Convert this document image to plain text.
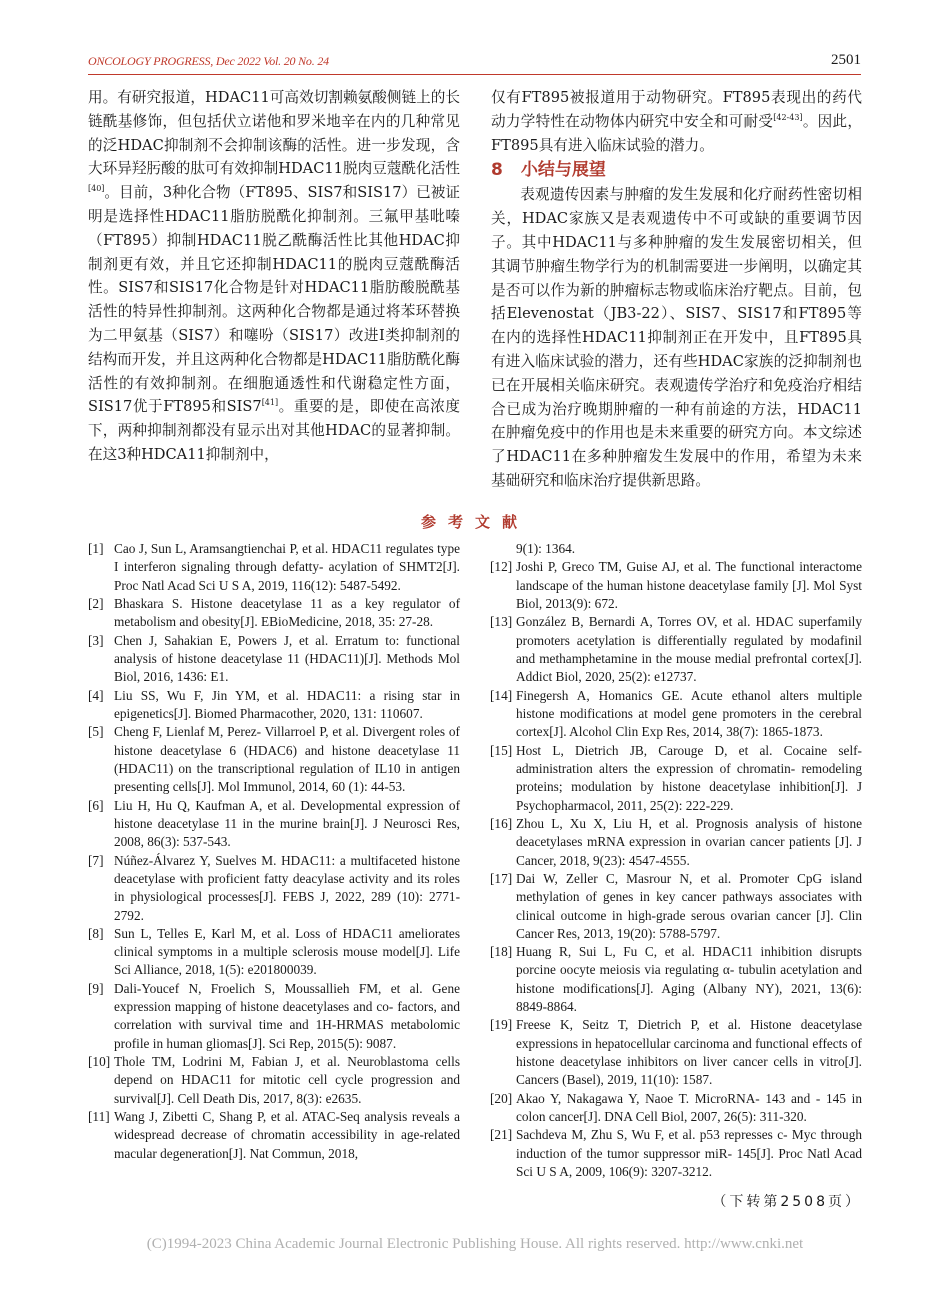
ONCOLOGY PROGRESS, Dec 2022 Vol. 20 No. 24	2501

用。有研究报道，HDAC11可高效切割赖氨酸侧链上的长链酰基修饰，但包括伏立诺他和罗米地辛在内的几种常见的泛HDAC抑制剂不会抑制该酶的活性。进一步发现，含大环异羟肟酸的肽可有效抑制HDAC11脱肉豆蔻酰化活性[40]。目前，3种化合物（FT895、SIS7和SIS17）已被证明是选择性HDAC11脂肪脱酰化抑制剂。三氟甲基吡嗪（FT895）抑制HDAC11脱乙酰酶活性比其他HDAC抑制剂更有效，并且它还抑制HDAC11的脱肉豆蔻酰酶活性。SIS7和SIS17化合物是针对HDAC11脂肪酸脱酰基活性的特异性抑制剂。这两种化合物都是通过将苯环替换为二甲氨基（SIS7）和噻吩（SIS17）改进Ⅰ类抑制剂的结构而开发，并且这两种化合物都是HDAC11脂肪酰化酶活性的有效抑制剂。在细胞通透性和代谢稳定性方面，SIS17优于FT895和SIS7[41]。重要的是，即使在高浓度下，两种抑制剂都没有显示出对其他HDAC的显著抑制。在这3种HDCA11抑制剂中，

仅有FT895被报道用于动物研究。FT895表现出的药代动力学特性在动物体内研究中安全和可耐受[42-43]。因此，FT895具有进入临床试验的潜力。

8 小结与展望

表观遗传因素与肿瘤的发生发展和化疗耐药性密切相关，HDAC家族又是表观遗传中不可或缺的重要调节因子。其中HDAC11与多种肿瘤的发生发展密切相关，但其调节肿瘤生物学行为的机制需要进一步阐明，以确定其是否可以作为新的肿瘤标志物或临床治疗靶点。目前，包括Elevenostat（JB3-22）、SIS7、SIS17和FT895等在内的选择性HDAC11抑制剂正在开发中，且FT895具有进入临床试验的潜力，还有些HDAC家族的泛抑制剂也已在开展相关临床研究。表观遗传学治疗和免疫治疗相结合已成为治疗晚期肿瘤的一种有前途的方法，HDAC11在肿瘤免疫中的作用也是未来重要的研究方向。本文综述了HDAC11在多种肿瘤发生发展中的作用，希望为未来基础研究和临床治疗提供新思路。

参考文献
[1] Cao J, Sun L, Aramsangtienchai P, et al. HDAC11 regulates type I interferon signaling through defatty- acylation of SHMT2[J]. Proc Natl Acad Sci U S A, 2019, 116(12): 5487-5492.
[2] Bhaskara S. Histone deacetylase 11 as a key regulator of metabolism and obesity[J]. EBioMedicine, 2018, 35: 27-28.
[3] Chen J, Sahakian E, Powers J, et al. Erratum to: functional analysis of histone deacetylase 11 (HDAC11)[J]. Methods Mol Biol, 2016, 1436: E1.
[4] Liu SS, Wu F, Jin YM, et al. HDAC11: a rising star in epigenetics[J]. Biomed Pharmacother, 2020, 131: 110607.
[5] Cheng F, Lienlaf M, Perez- Villarroel P, et al. Divergent roles of histone deacetylase 6 (HDAC6) and histone deacetylase 11 (HDAC11) on the transcriptional regulation of IL10 in antigen presenting cells[J]. Mol Immunol, 2014, 60 (1): 44-53.
[6] Liu H, Hu Q, Kaufman A, et al. Developmental expression of histone deacetylase 11 in the murine brain[J]. J Neurosci Res, 2008, 86(3): 537-543.
[7] Núñez-Álvarez Y, Suelves M. HDAC11: a multifaceted histone deacetylase with proficient fatty deacylase activity and its roles in physiological processes[J]. FEBS J, 2022, 289 (10): 2771-2792.
[8] Sun L, Telles E, Karl M, et al. Loss of HDAC11 ameliorates clinical symptoms in a multiple sclerosis mouse model[J]. Life Sci Alliance, 2018, 1(5): e201800039.
[9] Dali-Youcef N, Froelich S, Moussallieh FM, et al. Gene expression mapping of histone deacetylases and co- factors, and correlation with survival time and 1H-HRMAS metabolomic profile in human gliomas[J]. Sci Rep, 2015(5): 9087.
[10] Thole TM, Lodrini M, Fabian J, et al. Neuroblastoma cells depend on HDAC11 for mitotic cell cycle progression and survival[J]. Cell Death Dis, 2017, 8(3): e2635.
[11] Wang J, Zibetti C, Shang P, et al. ATAC-Seq analysis reveals a widespread decrease of chromatin accessibility in age-related macular degeneration[J]. Nat Commun, 2018,
9(1): 1364.
[12] Joshi P, Greco TM, Guise AJ, et al. The functional interactome landscape of the human histone deacetylase family [J]. Mol Syst Biol, 2013(9): 672.
[13] González B, Bernardi A, Torres OV, et al. HDAC superfamily promoters acetylation is differentially regulated by modafinil and methamphetamine in the mouse medial prefrontal cortex[J]. Addict Biol, 2020, 25(2): e12737.
[14] Finegersh A, Homanics GE. Acute ethanol alters multiple histone modifications at model gene promoters in the cerebral cortex[J]. Alcohol Clin Exp Res, 2014, 38(7): 1865-1873.
[15] Host L, Dietrich JB, Carouge D, et al. Cocaine self-administration alters the expression of chromatin- remodeling proteins; modulation by histone deacetylase inhibition[J]. J Psychopharmacol, 2011, 25(2): 222-229.
[16] Zhou L, Xu X, Liu H, et al. Prognosis analysis of histone deacetylases mRNA expression in ovarian cancer patients [J]. J Cancer, 2018, 9(23): 4547-4555.
[17] Dai W, Zeller C, Masrour N, et al. Promoter CpG island methylation of genes in key cancer pathways associates with clinical outcome in high-grade serous ovarian cancer [J]. Clin Cancer Res, 2013, 19(20): 5788-5797.
[18] Huang R, Sui L, Fu C, et al. HDAC11 inhibition disrupts porcine oocyte meiosis via regulating α- tubulin acetylation and histone modifications[J]. Aging (Albany NY), 2021, 13(6): 8849-8864.
[19] Freese K, Seitz T, Dietrich P, et al. Histone deacetylase expressions in hepatocellular carcinoma and functional effects of histone deacetylase inhibitors on liver cancer cells in vitro[J]. Cancers (Basel), 2019, 11(10): 1587.
[20] Akao Y, Nakagawa Y, Naoe T. MicroRNA- 143 and - 145 in colon cancer[J]. DNA Cell Biol, 2007, 26(5): 311-320.
[21] Sachdeva M, Zhu S, Wu F, et al. p53 represses c- Myc through induction of the tumor suppressor miR- 145[J]. Proc Natl Acad Sci U S A, 2009, 106(9): 3207-3212.
（下转第2508页）
(C)1994-2023 China Academic Journal Electronic Publishing House. All rights reserved. http://www.cnki.net
